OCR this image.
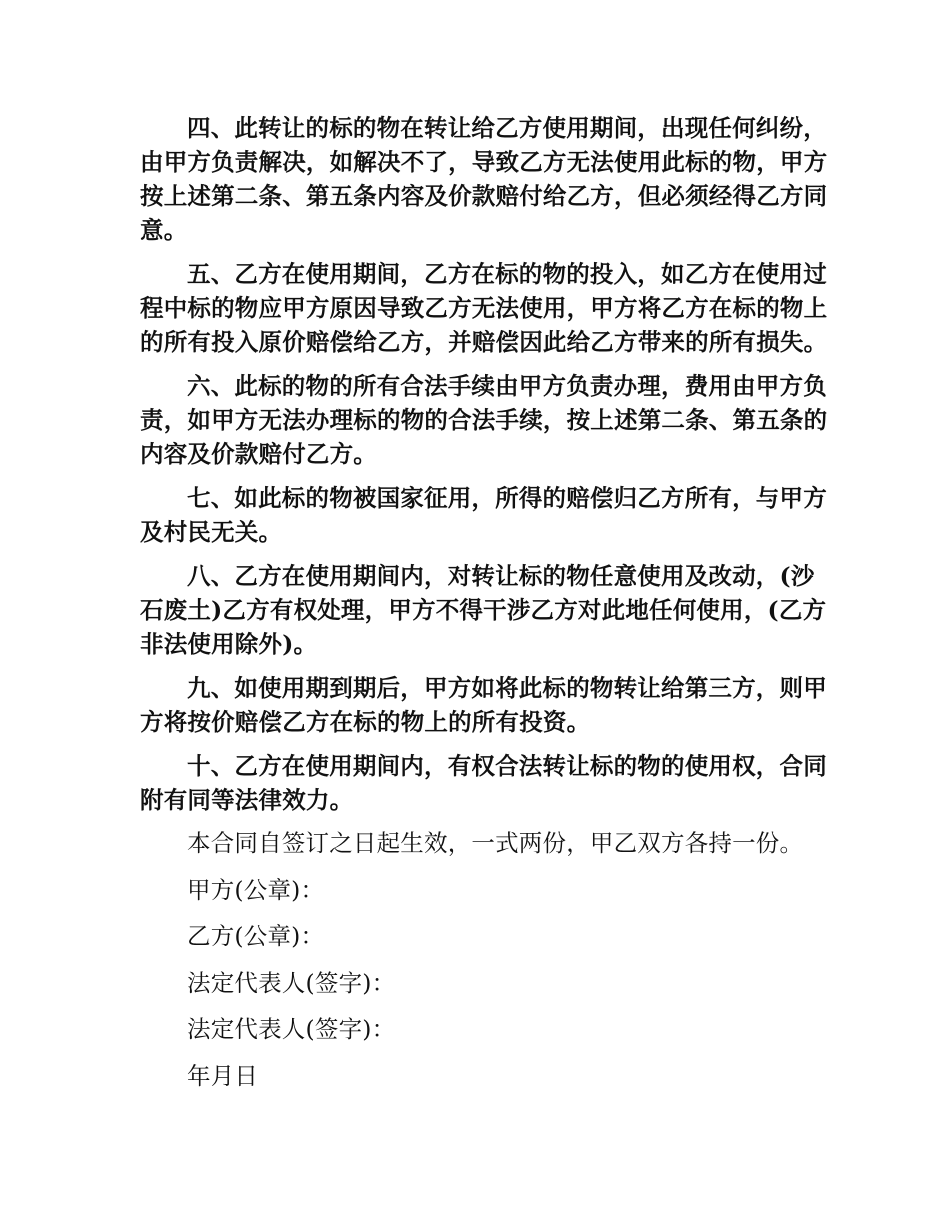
四、此转让的标的物在转让给乙方使用期间，出现任何纠纷，由甲方负责解决，如解决不了，导致乙方无法使用此标的物，甲方按上述第二条、第五条内容及价款赔付给乙方，但必须经得乙方同意。

五、乙方在使用期间，乙方在标的物的投入，如乙方在使用过程中标的物应甲方原因导致乙方无法使用，甲方将乙方在标的物上的所有投入原价赔偿给乙方，并赔偿因此给乙方带来的所有损失。

六、此标的物的所有合法手续由甲方负责办理，费用由甲方负责，如甲方无法办理标的物的合法手续，按上述第二条、第五条的内容及价款赔付乙方。

七、如此标的物被国家征用，所得的赔偿归乙方所有，与甲方及村民无关。

八、乙方在使用期间内，对转让标的物任意使用及改动，(沙石废土)乙方有权处理，甲方不得干涉乙方对此地任何使用，(乙方非法使用除外)。

九、如使用期到期后，甲方如将此标的物转让给第三方，则甲方将按价赔偿乙方在标的物上的所有投资。

十、乙方在使用期间内，有权合法转让标的物的使用权，合同附有同等法律效力。

本合同自签订之日起生效，一式两份，甲乙双方各持一份。

甲方(公章)：

乙方(公章)：

法定代表人(签字)：

法定代表人(签字)：

年月日
